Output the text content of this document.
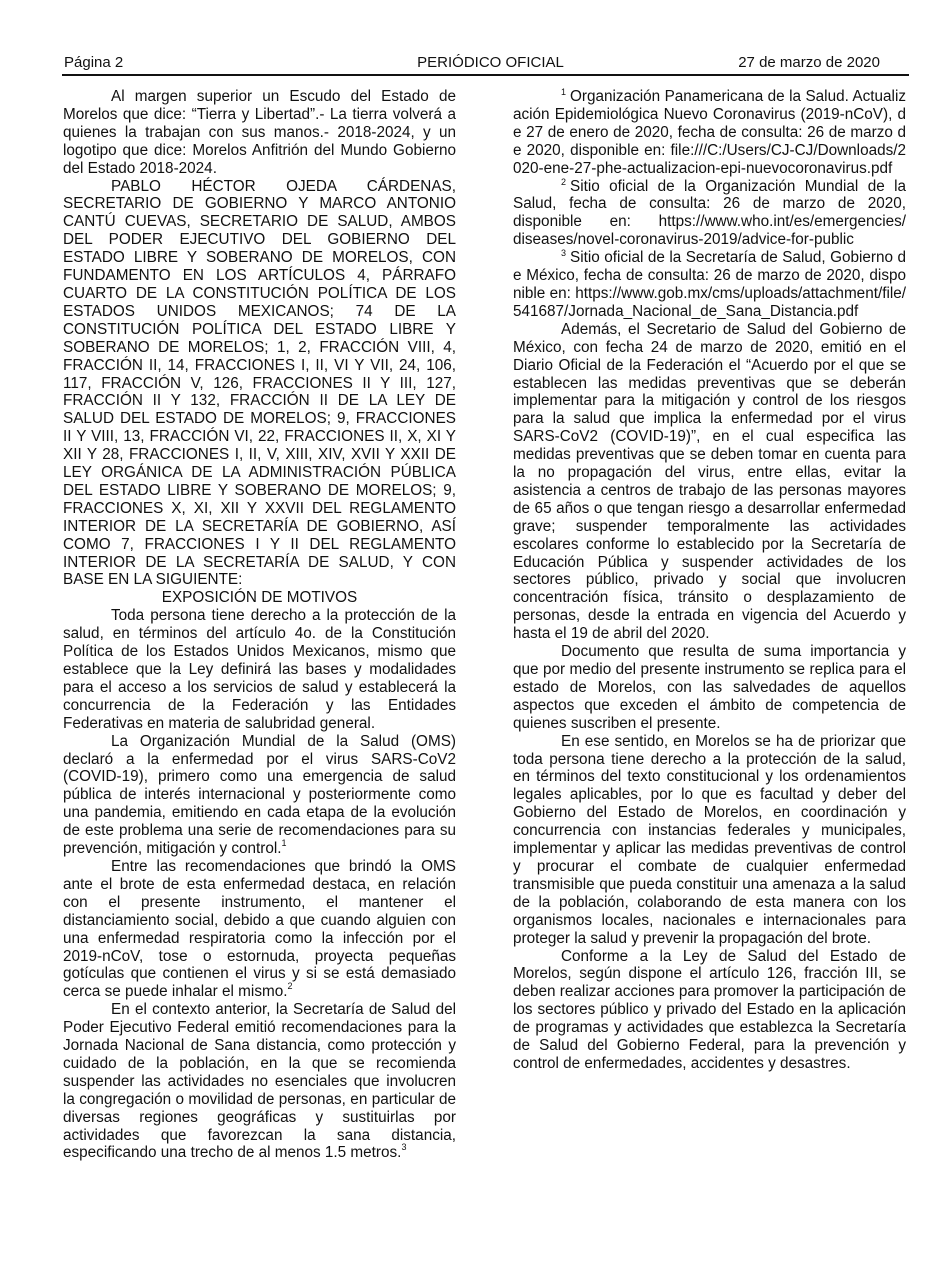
Página 2	PERIÓDICO OFICIAL	27 de marzo de 2020

Al margen superior un Escudo del Estado de Morelos que dice: “Tierra y Libertad”.- La tierra volverá a quienes la trabajan con sus manos.- 2018-2024, y un logotipo que dice: Morelos Anfitrión del Mundo Gobierno del Estado 2018-2024.

PABLO HÉCTOR OJEDA CÁRDENAS, SECRETARIO DE GOBIERNO Y MARCO ANTONIO CANTÚ CUEVAS, SECRETARIO DE SALUD, AMBOS DEL PODER EJECUTIVO DEL GOBIERNO DEL ESTADO LIBRE Y SOBERANO DE MORELOS, CON FUNDAMENTO EN LOS ARTÍCULOS 4, PÁRRAFO CUARTO DE LA CONSTITUCIÓN POLÍTICA DE LOS ESTADOS UNIDOS MEXICANOS; 74 DE LA CONSTITUCIÓN POLÍTICA DEL ESTADO LIBRE Y SOBERANO DE MORELOS; 1, 2, FRACCIÓN VIII, 4, FRACCIÓN II, 14, FRACCIONES I, II, VI Y VII, 24, 106, 117, FRACCIÓN V, 126, FRACCIONES II Y III, 127, FRACCIÓN II Y 132, FRACCIÓN II DE LA LEY DE SALUD DEL ESTADO DE MORELOS; 9, FRACCIONES II Y VIII, 13, FRACCIÓN VI, 22, FRACCIONES II, X, XI Y XII Y 28, FRACCIONES I, II, V, XIII, XIV, XVII Y XXII DE LEY ORGÁNICA DE LA ADMINISTRACIÓN PÚBLICA DEL ESTADO LIBRE Y SOBERANO DE MORELOS; 9, FRACCIONES X, XI, XII Y XXVII DEL REGLAMENTO INTERIOR DE LA SECRETARÍA DE GOBIERNO, ASÍ COMO 7, FRACCIONES I Y II DEL REGLAMENTO INTERIOR DE LA SECRETARÍA DE SALUD, Y CON BASE EN LA SIGUIENTE:

EXPOSICIÓN DE MOTIVOS

Toda persona tiene derecho a la protección de la salud, en términos del artículo 4o. de la Constitución Política de los Estados Unidos Mexicanos, mismo que establece que la Ley definirá las bases y modalidades para el acceso a los servicios de salud y establecerá la concurrencia de la Federación y las Entidades Federativas en materia de salubridad general.

La Organización Mundial de la Salud (OMS) declaró a la enfermedad por el virus SARS-CoV2 (COVID-19), primero como una emergencia de salud pública de interés internacional y posteriormente como una pandemia, emitiendo en cada etapa de la evolución de este problema una serie de recomendaciones para su prevención, mitigación y control.$^1$

Entre las recomendaciones que brindó la OMS ante el brote de esta enfermedad destaca, en relación con el presente instrumento, el mantener el distanciamiento social, debido a que cuando alguien con una enfermedad respiratoria como la infección por el 2019-nCoV, tose o estornuda, proyecta pequeñas gotículas que contienen el virus y si se está demasiado cerca se puede inhalar el mismo.$^2$

En el contexto anterior, la Secretaría de Salud del Poder Ejecutivo Federal emitió recomendaciones para la Jornada Nacional de Sana distancia, como protección y cuidado de la población, en la que se recomienda suspender las actividades no esenciales que involucren la congregación o movilidad de personas, en particular de diversas regiones geográficas y sustituirlas por actividades que favorezcan la sana distancia, especificando una trecho de al menos 1.5 metros.$^3$

$^1$ Organización Panamericana de la Salud. Actualización Epidemiológica Nuevo Coronavirus (2019-nCoV), de 27 de enero de 2020, fecha de consulta: 26 de marzo de 2020, disponible en: file:///C:/Users/CJ-CJ/Downloads/2020-ene-27-phe-actualizacion-epi-nuevocoronavirus.pdf

$^2$ Sitio oficial de la Organización Mundial de la Salud, fecha de consulta: 26 de marzo de 2020, disponible en: https://www.who.int/es/emergencies/ diseases/novel-coronavirus-2019/advice-for-public

$^3$ Sitio oficial de la Secretaría de Salud, Gobierno de México, fecha de consulta: 26 de marzo de 2020, disponible en: https://www.gob.mx/cms/uploads/attachment/file/541687/Jornada_Nacional_de_Sana_Distancia.pdf

Además, el Secretario de Salud del Gobierno de México, con fecha 24 de marzo de 2020, emitió en el Diario Oficial de la Federación el “Acuerdo por el que se establecen las medidas preventivas que se deberán implementar para la mitigación y control de los riesgos para la salud que implica la enfermedad por el virus SARS-CoV2 (COVID-19)”, en el cual especifica las medidas preventivas que se deben tomar en cuenta para la no propagación del virus, entre ellas, evitar la asistencia a centros de trabajo de las personas mayores de 65 años o que tengan riesgo a desarrollar enfermedad grave; suspender temporalmente las actividades escolares conforme lo establecido por la Secretaría de Educación Pública y suspender actividades de los sectores público, privado y social que involucren concentración física, tránsito o desplazamiento de personas, desde la entrada en vigencia del Acuerdo y hasta el 19 de abril del 2020.

Documento que resulta de suma importancia y que por medio del presente instrumento se replica para el estado de Morelos, con las salvedades de aquellos aspectos que exceden el ámbito de competencia de quienes suscriben el presente.

En ese sentido, en Morelos se ha de priorizar que toda persona tiene derecho a la protección de la salud, en términos del texto constitucional y los ordenamientos legales aplicables, por lo que es facultad y deber del Gobierno del Estado de Morelos, en coordinación y concurrencia con instancias federales y municipales, implementar y aplicar las medidas preventivas de control y procurar el combate de cualquier enfermedad transmisible que pueda constituir una amenaza a la salud de la población, colaborando de esta manera con los organismos locales, nacionales e internacionales para proteger la salud y prevenir la propagación del brote.

Conforme a la Ley de Salud del Estado de Morelos, según dispone el artículo 126, fracción III, se deben realizar acciones para promover la participación de los sectores público y privado del Estado en la aplicación de programas y actividades que establezca la Secretaría de Salud del Gobierno Federal, para la prevención y control de enfermedades, accidentes y desastres.
